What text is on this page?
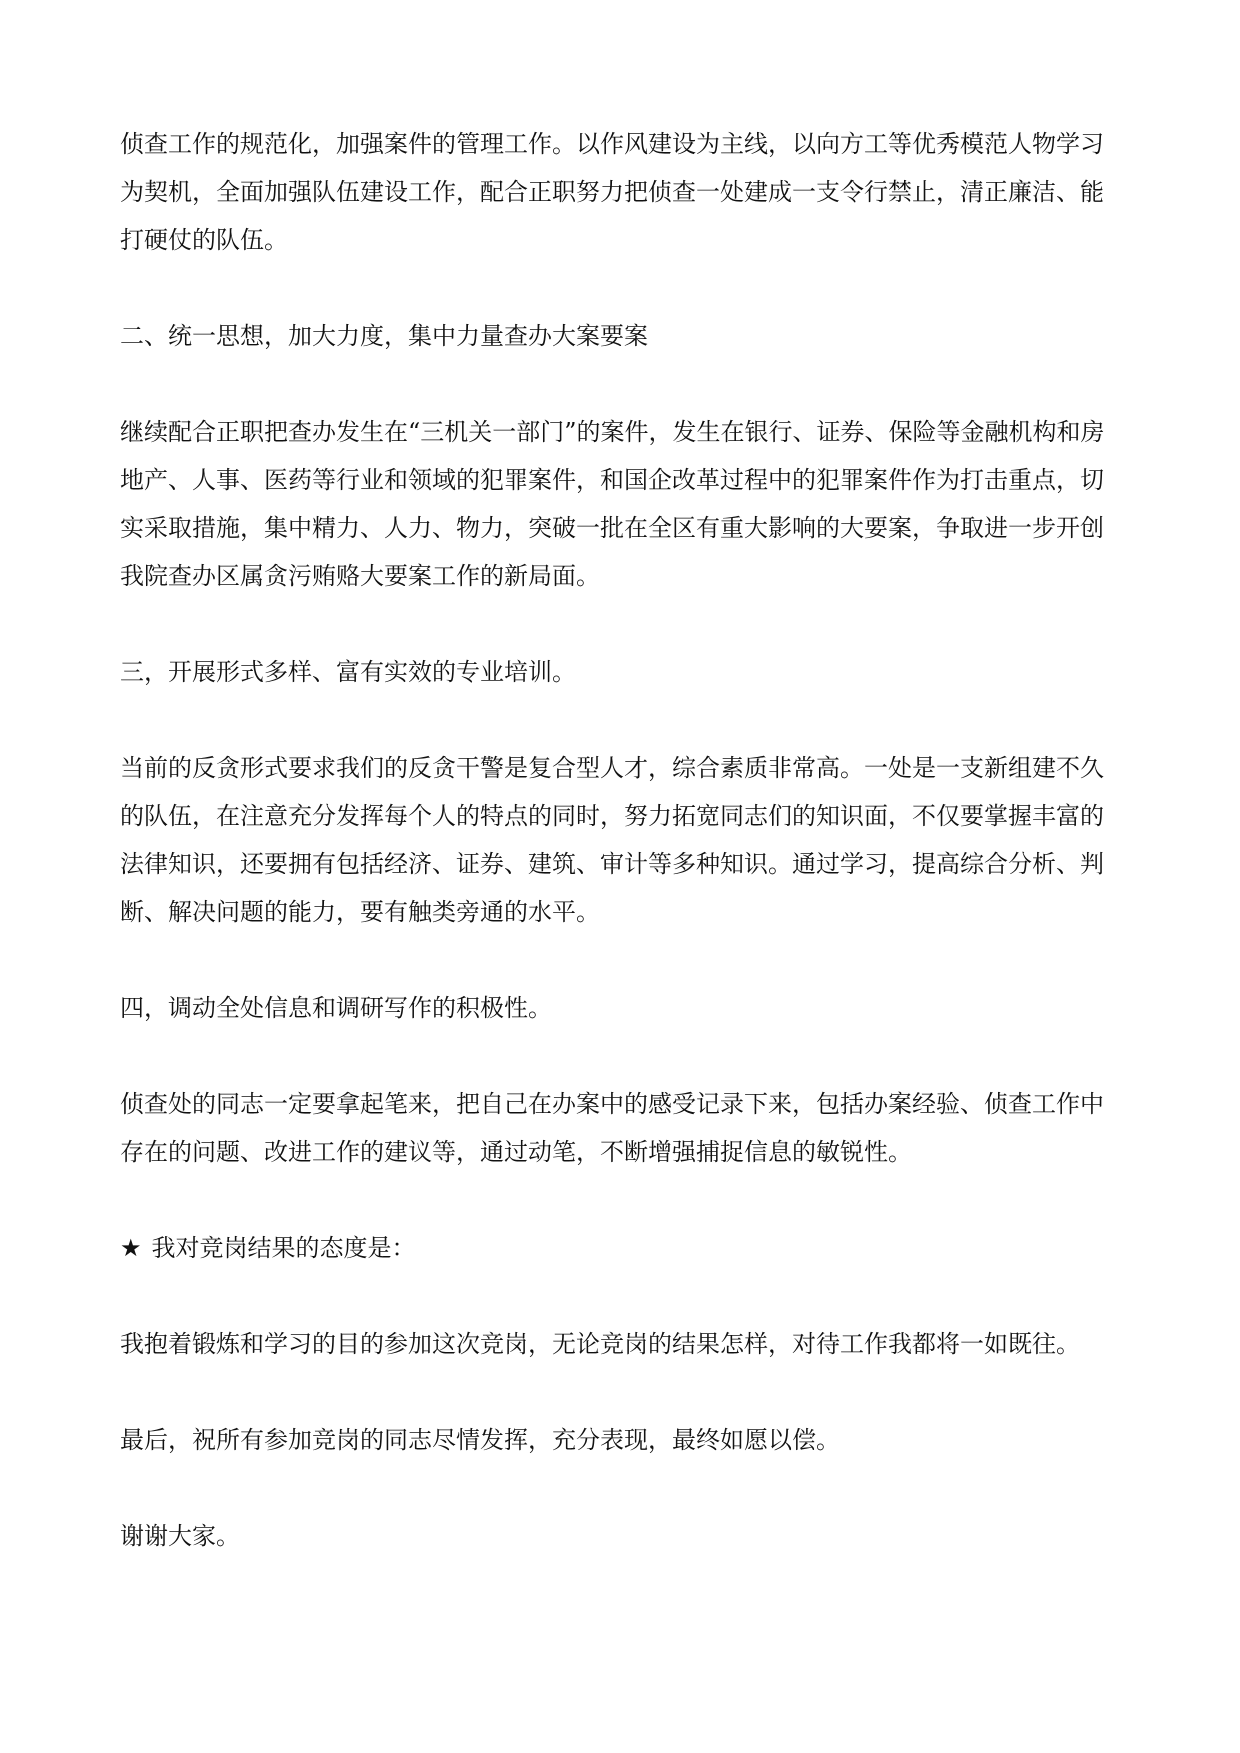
侦查工作的规范化，加强案件的管理工作。以作风建设为主线，以向方工等优秀模范人物学习为契机，全面加强队伍建设工作，配合正职努力把侦查一处建成一支令行禁止，清正廉洁、能打硬仗的队伍。

二、统一思想，加大力度，集中力量查办大案要案

继续配合正职把查办发生在“三机关一部门”的案件，发生在银行、证券、保险等金融机构和房地产、人事、医药等行业和领域的犯罪案件，和国企改革过程中的犯罪案件作为打击重点，切实采取措施，集中精力、人力、物力，突破一批在全区有重大影响的大要案，争取进一步开创我院查办区属贪污贿赂大要案工作的新局面。

三，开展形式多样、富有实效的专业培训。

当前的反贪形式要求我们的反贪干警是复合型人才，综合素质非常高。一处是一支新组建不久的队伍，在注意充分发挥每个人的特点的同时，努力拓宽同志们的知识面，不仅要掌握丰富的法律知识，还要拥有包括经济、证券、建筑、审计等多种知识。通过学习，提高综合分析、判断、解决问题的能力，要有触类旁通的水平。

四，调动全处信息和调研写作的积极性。

侦查处的同志一定要拿起笔来，把自己在办案中的感受记录下来，包括办案经验、侦查工作中存在的问题、改进工作的建议等，通过动笔，不断增强捕捉信息的敏锐性。

★ 我对竞岗结果的态度是：

我抱着锻炼和学习的目的参加这次竞岗，无论竞岗的结果怎样，对待工作我都将一如既往。

最后，祝所有参加竞岗的同志尽情发挥，充分表现，最终如愿以偿。

谢谢大家。
